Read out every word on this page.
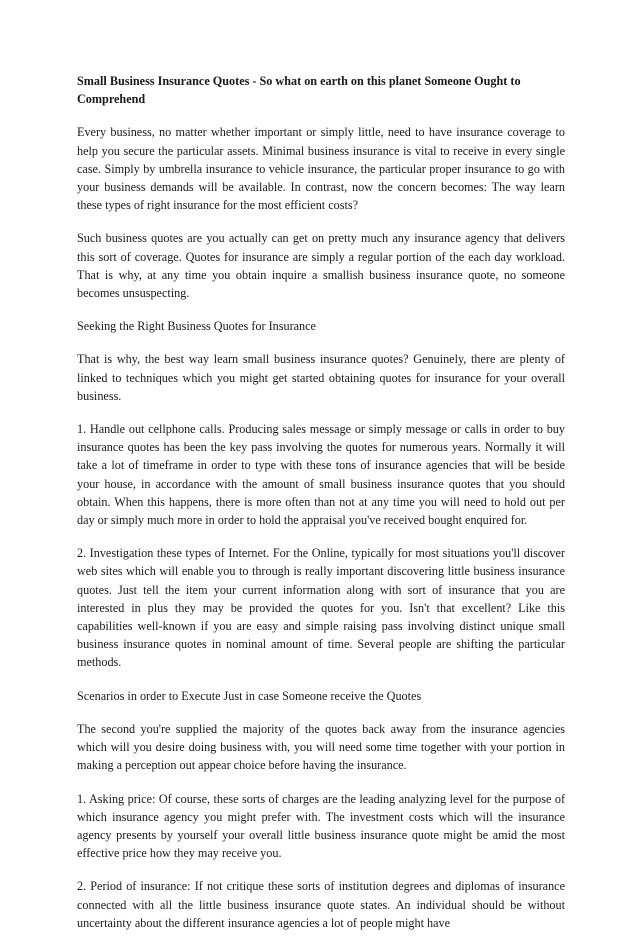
Small Business Insurance Quotes - So what on earth on this planet Someone Ought to Comprehend
Every business, no matter whether important or simply little, need to have insurance coverage to help you secure the particular assets. Minimal business insurance is vital to receive in every single case. Simply by umbrella insurance to vehicle insurance, the particular proper insurance to go with your business demands will be available. In contrast, now the concern becomes: The way learn these types of right insurance for the most efficient costs?
Such business quotes are you actually can get on pretty much any insurance agency that delivers this sort of coverage. Quotes for insurance are simply a regular portion of the each day workload. That is why, at any time you obtain inquire a smallish business insurance quote, no someone becomes unsuspecting.
Seeking the Right Business Quotes for Insurance
That is why, the best way learn small business insurance quotes? Genuinely, there are plenty of linked to techniques which you might get started obtaining quotes for insurance for your overall business.
1. Handle out cellphone calls. Producing sales message or simply message or calls in order to buy insurance quotes has been the key pass involving the quotes for numerous years. Normally it will take a lot of timeframe in order to type with these tons of insurance agencies that will be beside your house, in accordance with the amount of small business insurance quotes that you should obtain. When this happens, there is more often than not at any time you will need to hold out per day or simply much more in order to hold the appraisal you've received bought enquired for.
2. Investigation these types of Internet. For the Online, typically for most situations you'll discover web sites which will enable you to through is really important discovering little business insurance quotes. Just tell the item your current information along with sort of insurance that you are interested in plus they may be provided the quotes for you. Isn't that excellent? Like this capabilities well-known if you are easy and simple raising pass involving distinct unique small business insurance quotes in nominal amount of time. Several people are shifting the particular methods.
Scenarios in order to Execute Just in case Someone receive the Quotes
The second you're supplied the majority of the quotes back away from the insurance agencies which will you desire doing business with, you will need some time together with your portion in making a perception out appear choice before having the insurance.
1. Asking price: Of course, these sorts of charges are the leading analyzing level for the purpose of which insurance agency you might prefer with. The investment costs which will the insurance agency presents by yourself your overall little business insurance quote might be amid the most effective price how they may receive you.
2. Period of insurance: If not critique these sorts of institution degrees and diplomas of insurance connected with all the little business insurance quote states. An individual should be without uncertainty about the different insurance agencies a lot of people might have
